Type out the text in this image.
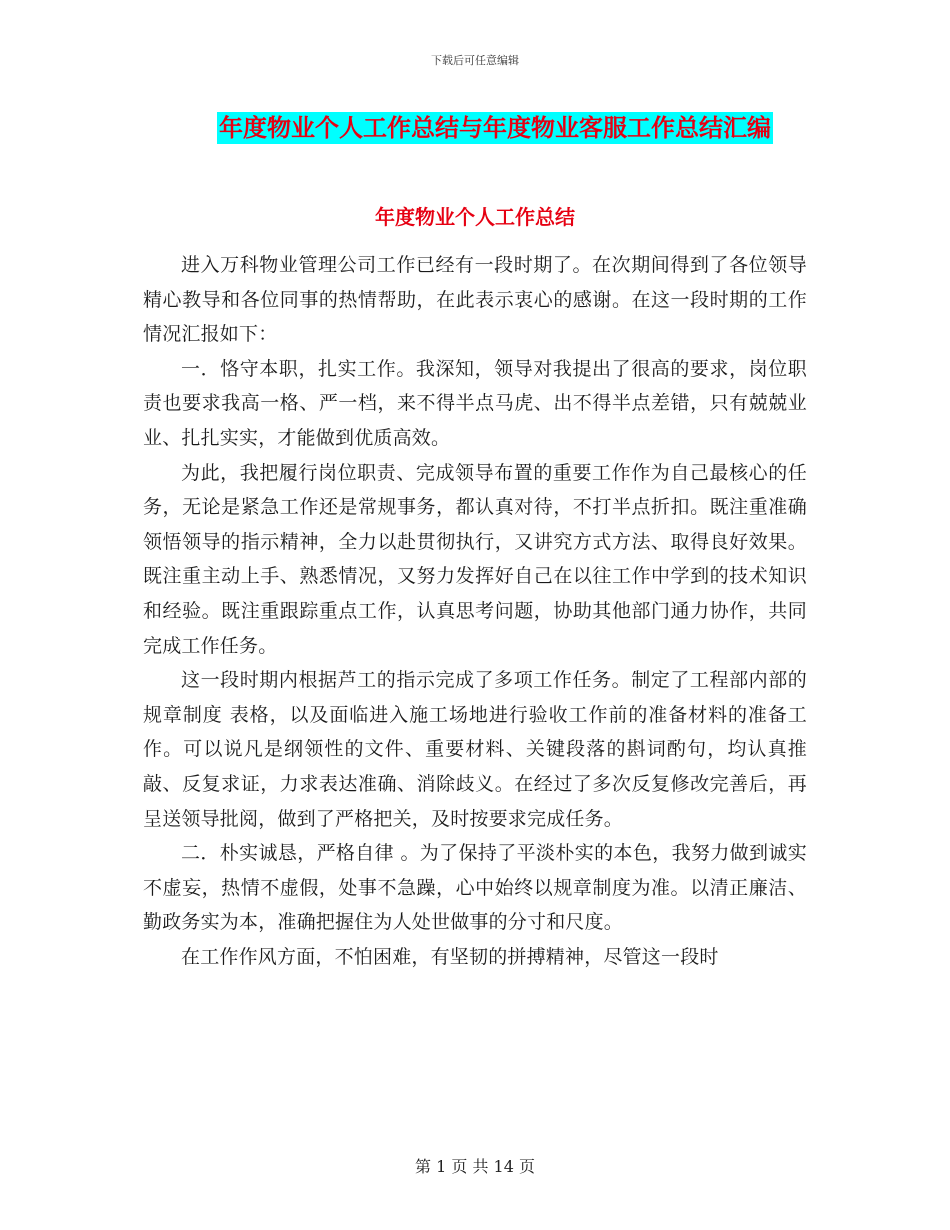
下载后可任意编辑
年度物业个人工作总结与年度物业客服工作总结汇编
年度物业个人工作总结

进入万科物业管理公司工作已经有一段时期了。在次期间得到了各位领导精心教导和各位同事的热情帮助，在此表示衷心的感谢。在这一段时期的工作情况汇报如下：

一．恪守本职，扎实工作。我深知，领导对我提出了很高的要求，岗位职责也要求我高一格、严一档，来不得半点马虎、出不得半点差错，只有兢兢业业、扎扎实实，才能做到优质高效。

为此，我把履行岗位职责、完成领导布置的重要工作作为自己最核心的任务，无论是紧急工作还是常规事务，都认真对待，不打半点折扣。既注重准确领悟领导的指示精神，全力以赴贯彻执行，又讲究方式方法、取得良好效果。既注重主动上手、熟悉情况，又努力发挥好自己在以往工作中学到的技术知识和经验。既注重跟踪重点工作，认真思考问题，协助其他部门通力协作，共同完成工作任务。

这一段时期内根据芦工的指示完成了多项工作任务。制定了工程部内部的规章制度 表格，以及面临进入施工场地进行验收工作前的准备材料的准备工作。可以说凡是纲领性的文件、重要材料、关键段落的斟词酌句，均认真推敲、反复求证，力求表达准确、消除歧义。在经过了多次反复修改完善后，再呈送领导批阅，做到了严格把关，及时按要求完成任务。

二．朴实诚恳，严格自律 。为了保持了平淡朴实的本色，我努力做到诚实不虚妄，热情不虚假，处事不急躁，心中始终以规章制度为准。以清正廉洁、勤政务实为本，准确把握住为人处世做事的分寸和尺度。

在工作作风方面，不怕困难，有坚韧的拼搏精神，尽管这一段时

第 1 页 共 14 页
